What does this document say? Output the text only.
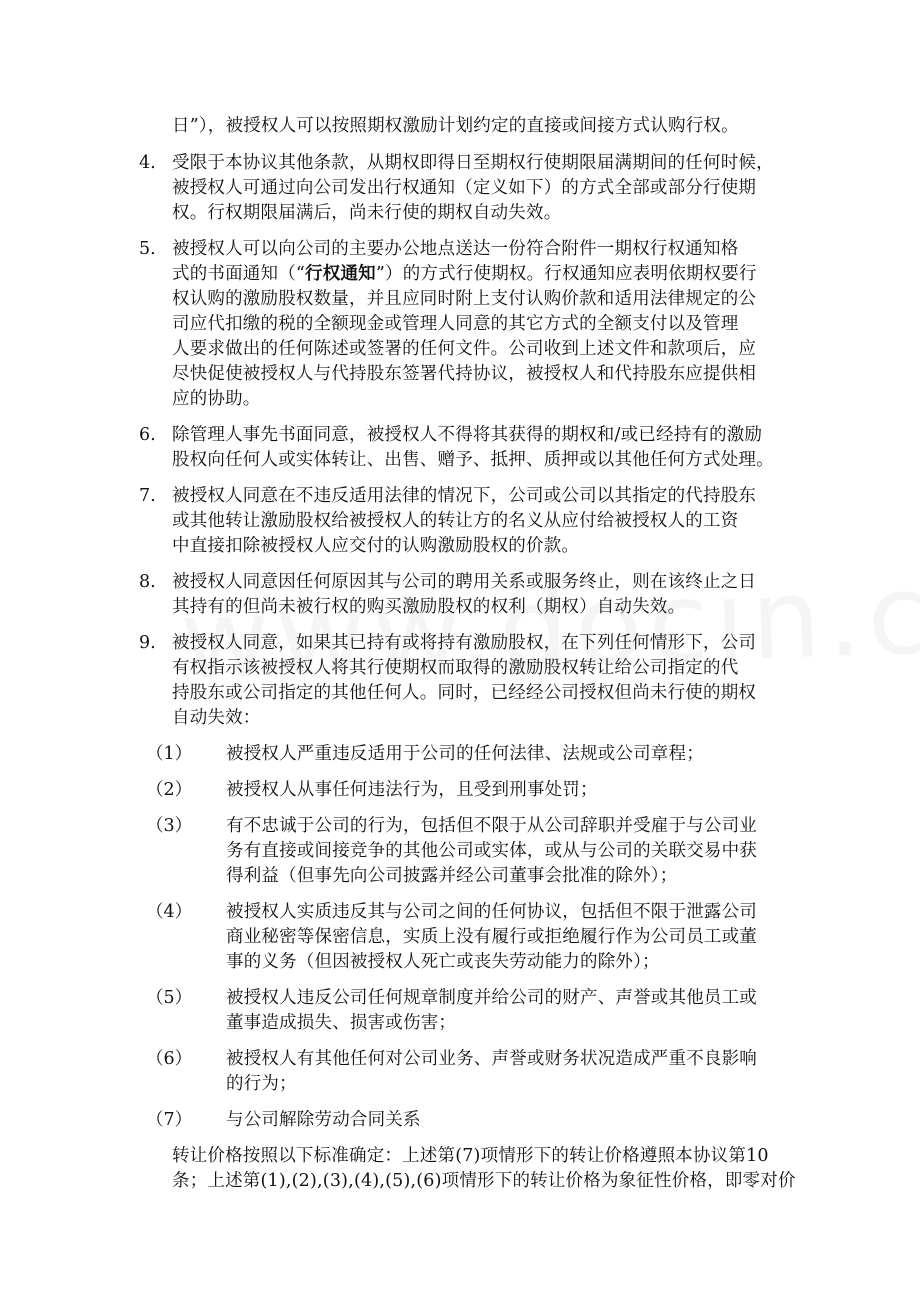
日”），被授权人可以按照期权激励计划约定的直接或间接方式认购行权。
4. 受限于本协议其他条款，从期权即得日至期权行使期限届满期间的任何时候，
被授权人可通过向公司发出行权通知（定义如下）的方式全部或部分行使期
权。行权期限届满后，尚未行使的期权自动失效。
5. 被授权人可以向公司的主要办公地点送达一份符合附件一期权行权通知格
式的书面通知（“行权通知”）的方式行使期权。行权通知应表明依期权要行
权认购的激励股权数量，并且应同时附上支付认购价款和适用法律规定的公
司应代扣缴的税的全额现金或管理人同意的其它方式的全额支付以及管理
人要求做出的任何陈述或签署的任何文件。公司收到上述文件和款项后，应
尽快促使被授权人与代持股东签署代持协议，被授权人和代持股东应提供相
应的协助。
6. 除管理人事先书面同意，被授权人不得将其获得的期权和/或已经持有的激励
股权向任何人或实体转让、出售、赠予、抵押、质押或以其他任何方式处理。
7. 被授权人同意在不违反适用法律的情况下，公司或公司以其指定的代持股东
或其他转让激励股权给被授权人的转让方的名义从应付给被授权人的工资
中直接扣除被授权人应交付的认购激励股权的价款。
8. 被授权人同意因任何原因其与公司的聘用关系或服务终止，则在该终止之日
其持有的但尚未被行权的购买激励股权的权利（期权）自动失效。
9. 被授权人同意，如果其已持有或将持有激励股权，在下列任何情形下，公司
有权指示该被授权人将其行使期权而取得的激励股权转让给公司指定的代
持股东或公司指定的其他任何人。同时，已经经公司授权但尚未行使的期权
自动失效：
（1） 被授权人严重违反适用于公司的任何法律、法规或公司章程；
（2） 被授权人从事任何违法行为，且受到刑事处罚；
（3） 有不忠诚于公司的行为，包括但不限于从公司辞职并受雇于与公司业
务有直接或间接竞争的其他公司或实体，或从与公司的关联交易中获
得利益（但事先向公司披露并经公司董事会批准的除外）；
（4） 被授权人实质违反其与公司之间的任何协议，包括但不限于泄露公司
商业秘密等保密信息，实质上没有履行或拒绝履行作为公司员工或董
事的义务（但因被授权人死亡或丧失劳动能力的除外）；
（5） 被授权人违反公司任何规章制度并给公司的财产、声誉或其他员工或
董事造成损失、损害或伤害；
（6） 被授权人有其他任何对公司业务、声誉或财务状况造成严重不良影响
的行为；
（7） 与公司解除劳动合同关系
转让价格按照以下标准确定：上述第(7)项情形下的转让价格遵照本协议第10
条；上述第(1),(2),(3),(4),(5),(6)项情形下的转让价格为象征性价格，即零对价
